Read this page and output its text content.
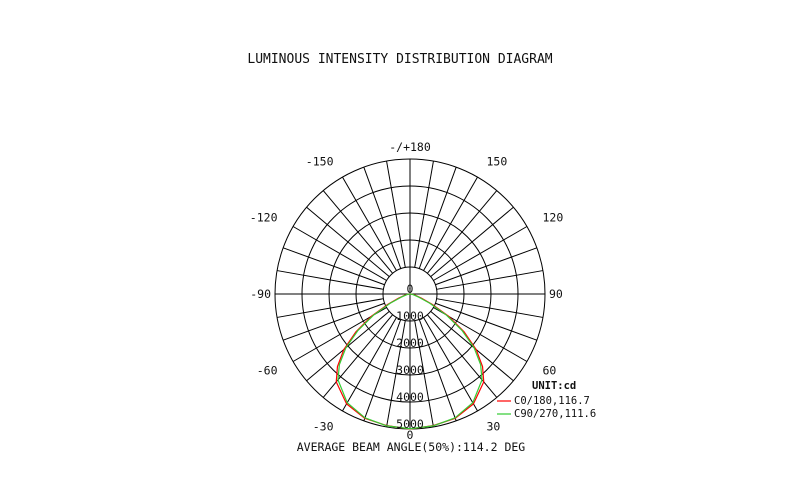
LUMINOUS INTENSITY DISTRIBUTION DIAGRAM
0
1000
2000
3000
4000
5000
0
30
60
90
120
150
-/+180
-150
-120
-90
-60
-30
UNIT:cd
C0/180,116.7
C90/270,111.6
AVERAGE BEAM ANGLE(50%):114.2 DEG
